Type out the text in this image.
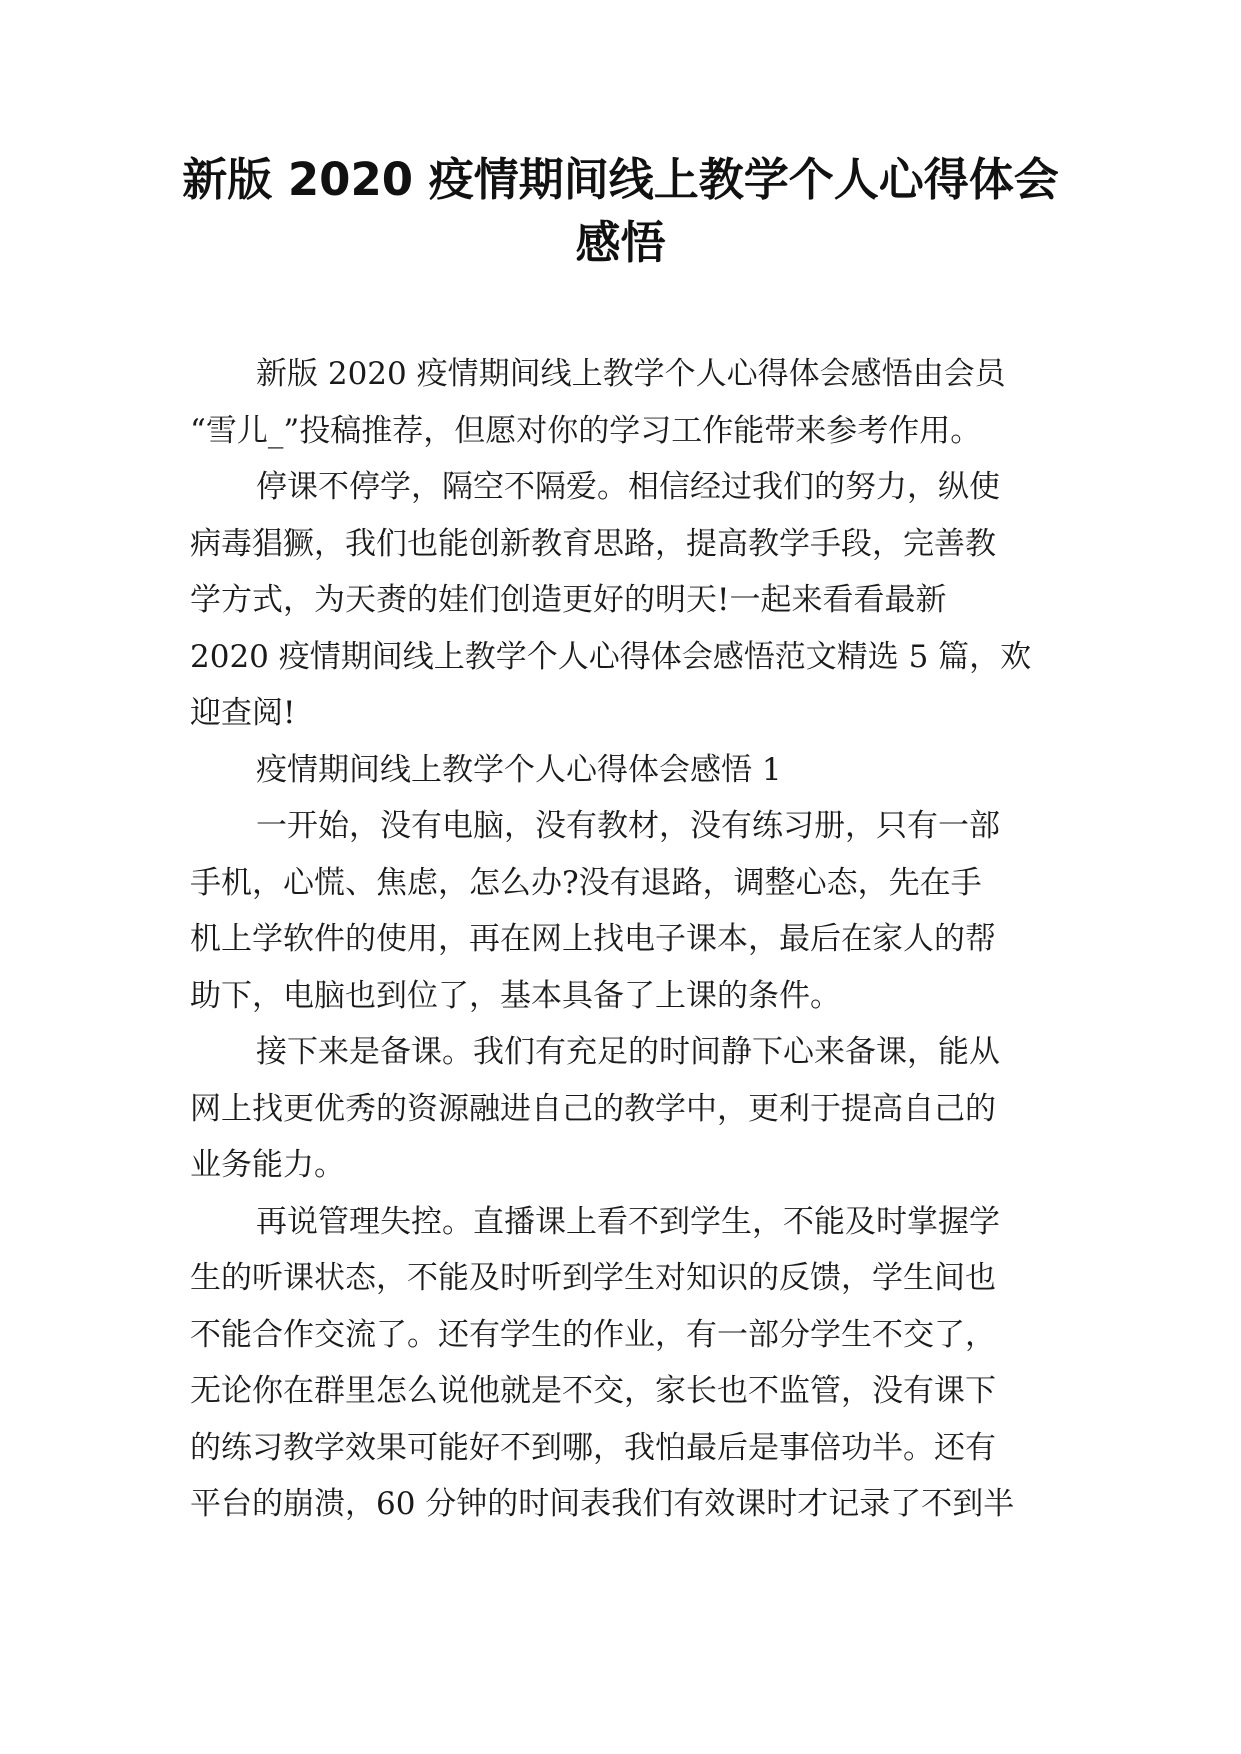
新版 2020 疫情期间线上教学个人心得体会
感悟
新版 2020 疫情期间线上教学个人心得体会感悟由会员
“雪儿_”投稿推荐，但愿对你的学习工作能带来参考作用。
停课不停学，隔空不隔爱。相信经过我们的努力，纵使
病毒猖獗，我们也能创新教育思路，提高教学手段，完善教
学方式，为天赉的娃们创造更好的明天!一起来看看最新
2020 疫情期间线上教学个人心得体会感悟范文精选 5 篇，欢
迎查阅!
疫情期间线上教学个人心得体会感悟 1
一开始，没有电脑，没有教材，没有练习册，只有一部
手机，心慌、焦虑，怎么办?没有退路，调整心态，先在手
机上学软件的使用，再在网上找电子课本，最后在家人的帮
助下，电脑也到位了，基本具备了上课的条件。
接下来是备课。我们有充足的时间静下心来备课，能从
网上找更优秀的资源融进自己的教学中，更利于提高自己的
业务能力。
再说管理失控。直播课上看不到学生，不能及时掌握学
生的听课状态，不能及时听到学生对知识的反馈，学生间也
不能合作交流了。还有学生的作业，有一部分学生不交了，
无论你在群里怎么说他就是不交，家长也不监管，没有课下
的练习教学效果可能好不到哪，我怕最后是事倍功半。还有
平台的崩溃，60 分钟的时间表我们有效课时才记录了不到半
